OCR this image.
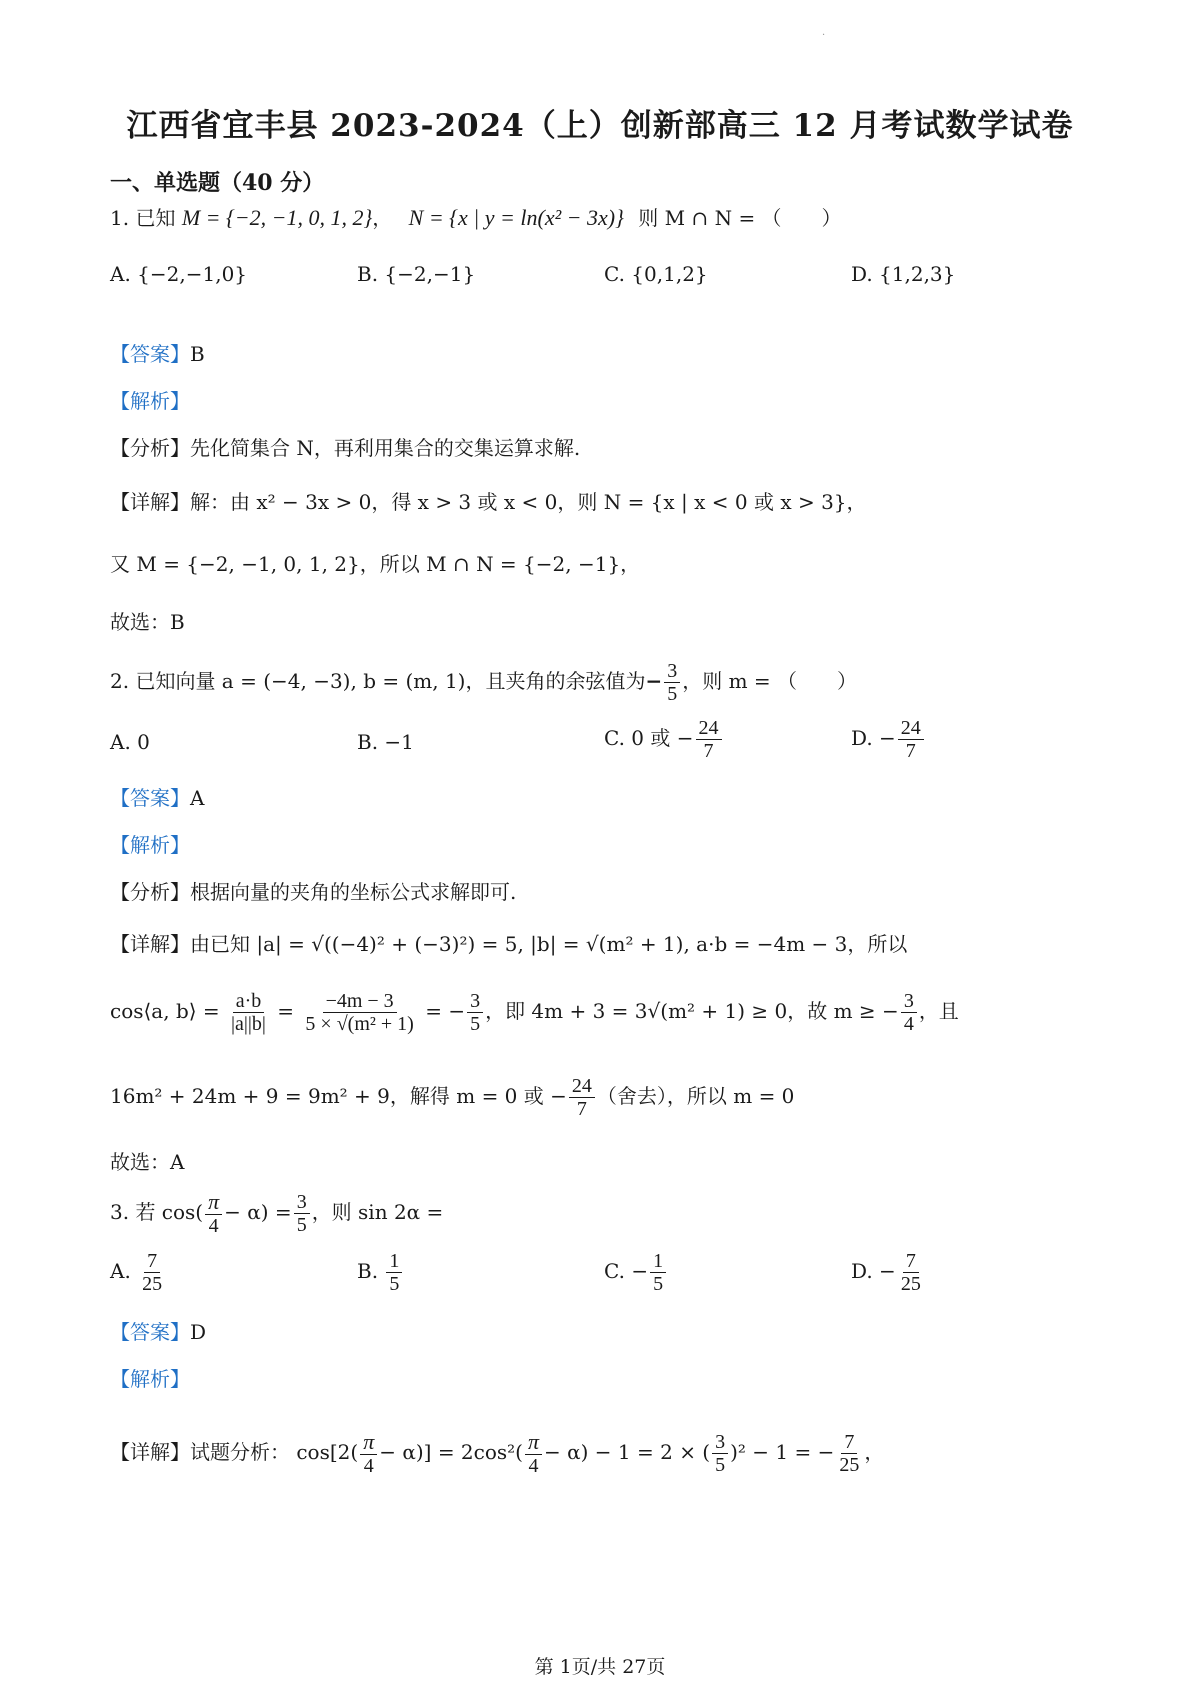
·
江西省宜丰县 2023-2024（上）创新部高三 12 月考试数学试卷
一、单选题（40 分）
1. 已知 M = {−2, −1, 0, 1, 2}， N = {x | y = ln(x² − 3x)} 则 M ∩ N = （　　）
A. {−2,−1,0}	B. {−2,−1}	C. {0,1,2}	D. {1,2,3}
【答案】B
【解析】
【分析】先化简集合 N，再利用集合的交集运算求解.
【详解】解：由 x² − 3x > 0，得 x > 3 或 x < 0，则 N = {x | x < 0 或 x > 3}，
又 M = {−2, −1, 0, 1, 2}，所以 M ∩ N = {−2, −1}，
故选：B
2. 已知向量 a = (−4, −3), b = (m, 1)，且夹角的余弦值为− $\frac{3}{5}$ ，则 m = （　　）
A. 0	B. −1	C. 0 或 − $\frac{24}{7}$	D. − $\frac{24}{7}$
【答案】A
【解析】
【分析】根据向量的夹角的坐标公式求解即可.
【详解】由已知 |a| = √((−4)² + (−3)²) = 5, |b| = √(m² + 1), a·b = −4m − 3，所以
cos⟨a, b⟩ = $\frac{a\cdot b}{|a||b|} = \frac{-4m - 3}{\text{5 × √(m² + 1)}}$ = − $\frac{3}{5}$ ，即 4m + 3 = 3√(m² + 1) ≥ 0，故 m ≥ − $\frac{3}{4}$ ，且
16m² + 24m + 9 = 9m² + 9，解得 m = 0 或 − $\frac{24}{7}$ （舍去），所以 m = 0
故选：A
3. 若 $\cos( \frac{\pi}{4} - \alpha) = \frac{3}{5}$ ，则 sin 2α =
A. $\frac{7}{25}$	B. $\frac{1}{5}$	C. − $\frac{1}{5}$	D. − $\frac{7}{25}$
【答案】D
【解析】
【详解】试题分析： $\cos[2( \frac{\pi}{4} - \alpha)] = 2\cos^2( \frac{\pi}{4} - \alpha) - 1 = 2$ × ( $\frac{3}{5} )^2 - 1$ = − $\frac{7}{25}$ ，
第 1页/共 27页
